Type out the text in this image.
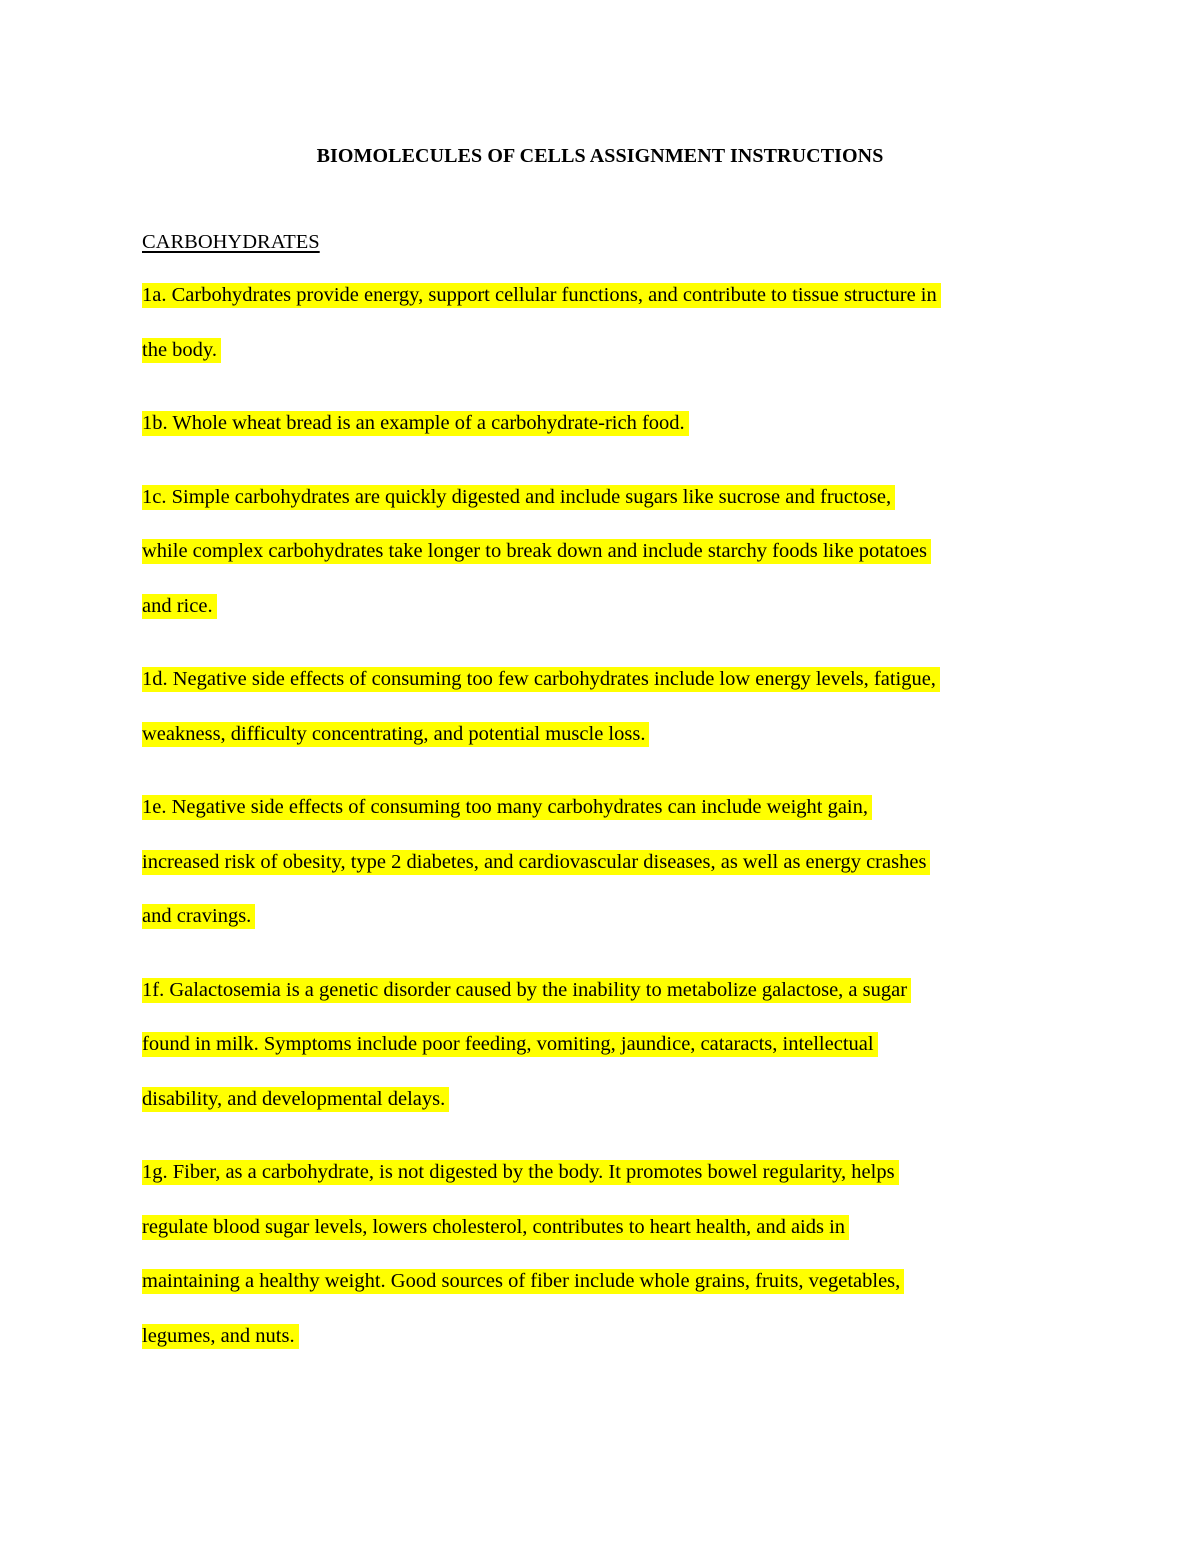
BIOMOLECULES OF CELLS ASSIGNMENT INSTRUCTIONS
CARBOHYDRATES
1a. Carbohydrates provide energy, support cellular functions, and contribute to tissue structure in
the body.
1b. Whole wheat bread is an example of a carbohydrate-rich food.
1c. Simple carbohydrates are quickly digested and include sugars like sucrose and fructose,
while complex carbohydrates take longer to break down and include starchy foods like potatoes
and rice.
1d. Negative side effects of consuming too few carbohydrates include low energy levels, fatigue,
weakness, difficulty concentrating, and potential muscle loss.
1e. Negative side effects of consuming too many carbohydrates can include weight gain,
increased risk of obesity, type 2 diabetes, and cardiovascular diseases, as well as energy crashes
and cravings.
1f. Galactosemia is a genetic disorder caused by the inability to metabolize galactose, a sugar
found in milk. Symptoms include poor feeding, vomiting, jaundice, cataracts, intellectual
disability, and developmental delays.
1g. Fiber, as a carbohydrate, is not digested by the body. It promotes bowel regularity, helps
regulate blood sugar levels, lowers cholesterol, contributes to heart health, and aids in
maintaining a healthy weight. Good sources of fiber include whole grains, fruits, vegetables,
legumes, and nuts.
